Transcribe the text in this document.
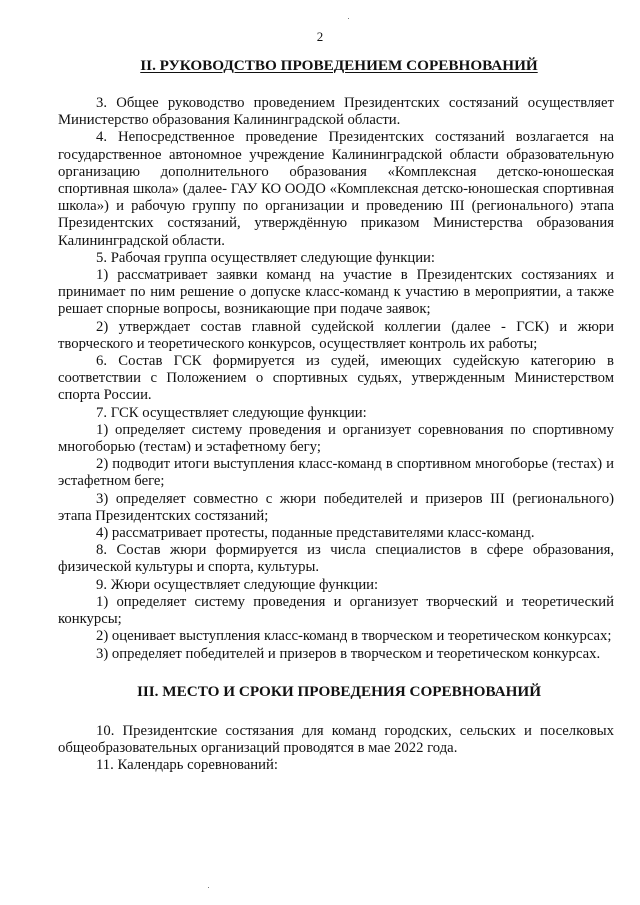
2
II. РУКОВОДСТВО ПРОВЕДЕНИЕМ СОРЕВНОВАНИЙ

3. Общее руководство проведением Президентских состязаний осуществляет Министерство образования Калининградской области.

4. Непосредственное проведение Президентских состязаний возлагается на государственное автономное учреждение Калининградской области образовательную организацию дополнительного образования «Комплексная детско-юношеская спортивная школа» (далее- ГАУ КО ООДО «Комплексная детско-юношеская спортивная школа») и рабочую группу по организации и проведению III (регионального) этапа Президентских состязаний, утверждённую приказом Министерства образования Калининградской области.

5. Рабочая группа осуществляет следующие функции:

1) рассматривает заявки команд на участие в Президентских состязаниях и принимает по ним решение о допуске класс-команд к участию в мероприятии, а также решает спорные вопросы, возникающие при подаче заявок;

2) утверждает состав главной судейской коллегии (далее - ГСК) и жюри творческого и теоретического конкурсов, осуществляет контроль их работы;

6. Состав ГСК формируется из судей, имеющих судейскую категорию в соответствии с Положением о спортивных судьях, утвержденным Министерством спорта России.

7. ГСК осуществляет следующие функции:

1) определяет систему проведения и организует соревнования по спортивному многоборью (тестам) и эстафетному бегу;

2) подводит итоги выступления класс-команд в спортивном многоборье (тестах) и эстафетном беге;

3) определяет совместно с жюри победителей и призеров III (регионального) этапа Президентских состязаний;

4) рассматривает протесты, поданные представителями класс-команд.

8. Состав жюри формируется из числа специалистов в сфере образования, физической культуры и спорта, культуры.

9. Жюри осуществляет следующие функции:

1) определяет систему проведения и организует творческий и теоретический конкурсы;

2) оценивает выступления класс-команд в творческом и теоретическом конкурсах;

3) определяет победителей и призеров в творческом и теоретическом конкурсах.

III. МЕСТО И СРОКИ ПРОВЕДЕНИЯ СОРЕВНОВАНИЙ

10. Президентские состязания для команд городских, сельских и поселковых общеобразовательных организаций проводятся в мае 2022 года.

11. Календарь соревнований:
